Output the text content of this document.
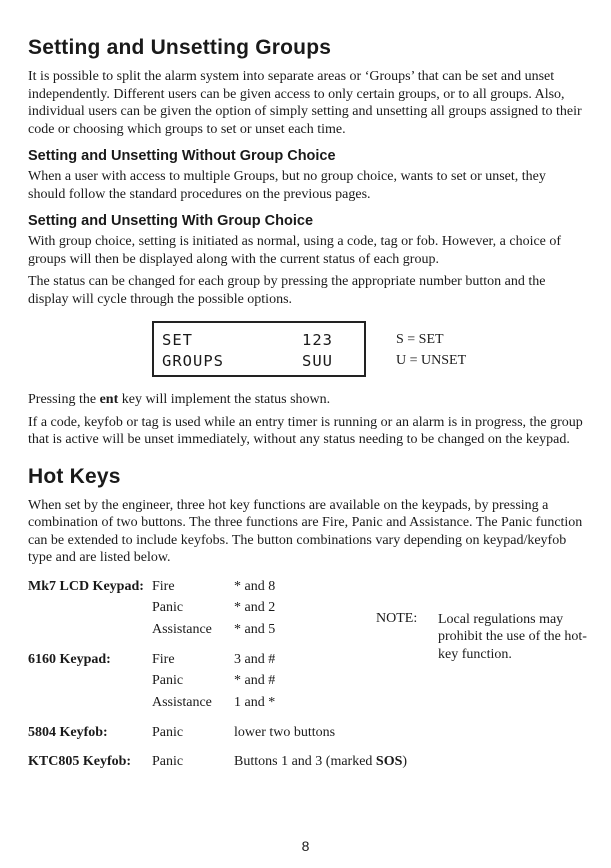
Setting and Unsetting Groups

It is possible to split the alarm system into separate areas or ‘Groups’ that can be set and unset independently. Different users can be given access to only certain groups, or to all groups. Also, individual users can be given the option of simply setting and unsetting all groups assigned to their code or choosing which groups to set or unset each time.

Setting and Unsetting Without Group Choice

When a user with access to multiple Groups, but no group choice, wants to set or unset, they should follow the standard procedures on the previous pages.

Setting and Unsetting With Group Choice

With group choice, setting is initiated as normal, using a code, tag or fob. However, a choice of groups will then be displayed along with the current status of each group.

The status can be changed for each group by pressing the appropriate number button and the display will cycle through the possible options.

SET	123
GROUPS	SUU
S = SET
U = UNSET

Pressing the ent key will implement the status shown.

If a code, keyfob or tag is used while an entry timer is running or an alarm is in progress, the group that is active will be unset immediately, without any status needing to be changed on the keypad.

Hot Keys

When set by the engineer, three hot key functions are available on the keypads, by pressing a combination of two buttons. The three functions are Fire, Panic and Assistance. The Panic function can be extended to include keyfobs. The button combinations vary depending on keypad/keyfob type and are listed below.

Mk7 LCD Keypad: Fire	* and 8
Panic	* and 2
Assistance * and 5
6160 Keypad:	Fire	3 and #
Panic	* and #
Assistance 1 and *
5804 Keyfob:	Panic	lower two buttons
KTC805 Keyfob: Panic	Buttons 1 and 3 (marked SOS)
NOTE: Local regulations may prohibit the use of the hot-key function.
8
